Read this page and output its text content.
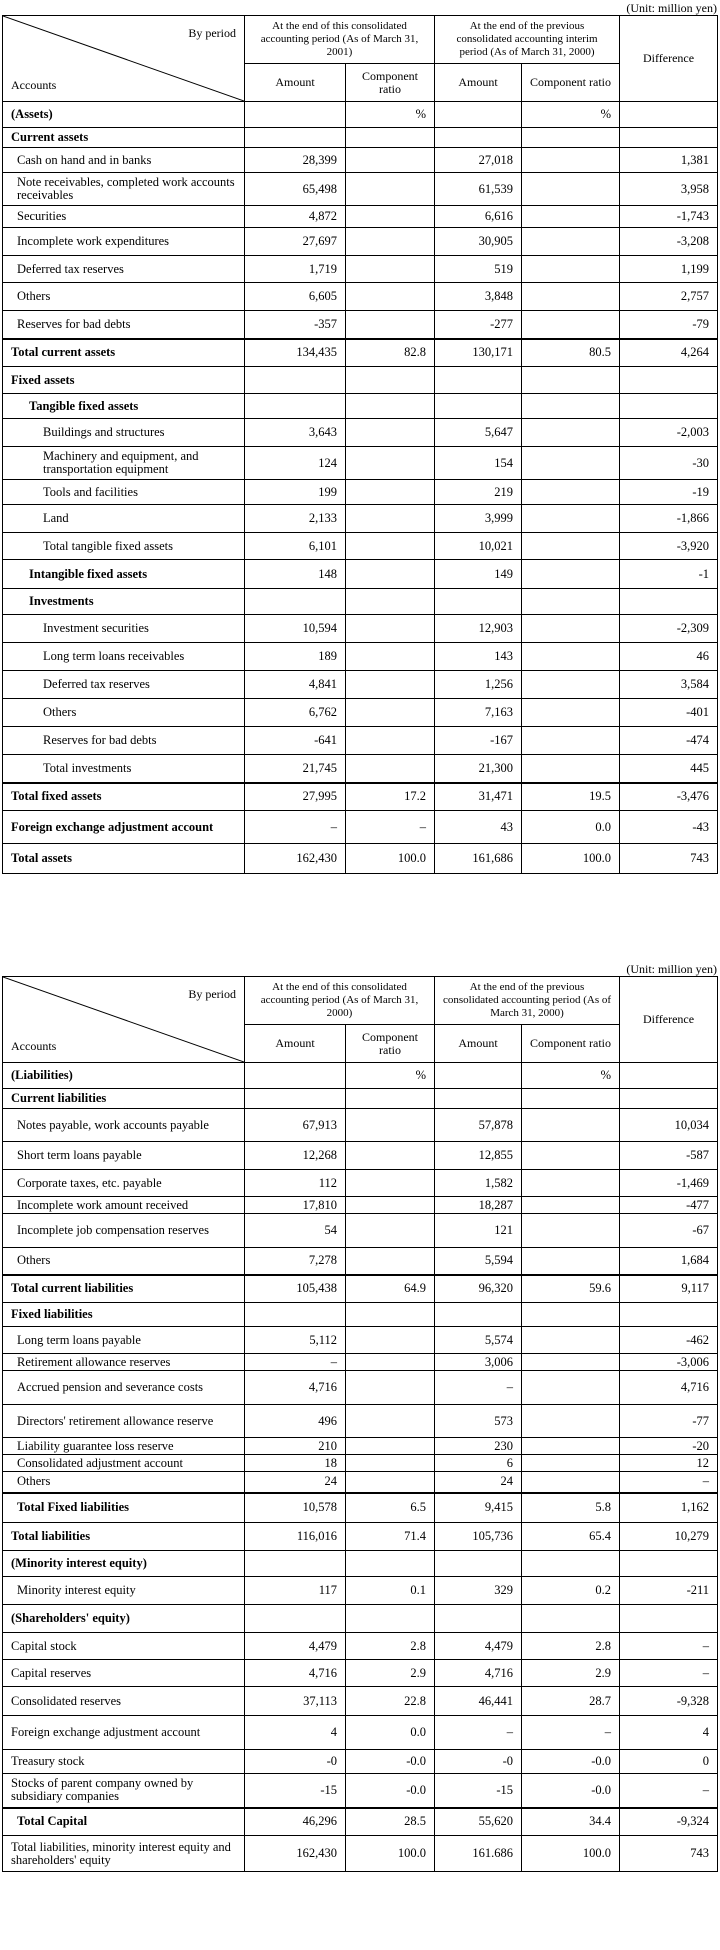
(Unit: million yen)
By period
Accounts	At the end of this consolidated accounting period (As of March 31, 2001)		At the end of the previous consolidated accounting interim period (As of March 31, 2000)		Difference
	Amount	Component ratio	Amount	Component ratio	
(Assets)		%		%	
Current assets					
Cash on hand and in banks	28,399		27,018		1,381
Note receivables, completed work accounts receivables	65,498		61,539		3,958
Securities	4,872		6,616		-1,743
Incomplete work expenditures	27,697		30,905		-3,208
Deferred tax reserves	1,719		519		1,199
Others	6,605		3,848		2,757
Reserves for bad debts	-357		-277		-79
Total current assets	134,435	82.8	130,171	80.5	4,264
Fixed assets					
Tangible fixed assets					
Buildings and structures	3,643		5,647		-2,003
Machinery and equipment, and transportation equipment	124		154		-30
Tools and facilities	199		219		-19
Land	2,133		3,999		-1,866
Total tangible fixed assets	6,101		10,021		-3,920
Intangible fixed assets	148		149		-1
Investments					
Investment securities	10,594		12,903		-2,309
Long term loans receivables	189		143		46
Deferred tax reserves	4,841		1,256		3,584
Others	6,762		7,163		-401
Reserves for bad debts	-641		-167		-474
Total investments	21,745		21,300		445
Total fixed assets	27,995	17.2	31,471	19.5	-3,476
Foreign exchange adjustment account	–	–	43	0.0	-43
Total assets	162,430	100.0	161,686	100.0	743
(Unit: million yen)
By period
Accounts	At the end of this consolidated accounting period (As of March 31, 2000)		At the end of the previous consolidated accounting period (As of March 31, 2000)		Difference
	Amount	Component ratio	Amount	Component ratio	
(Liabilities)		%		%	
Current liabilities					
Notes payable, work accounts payable	67,913		57,878		10,034
Short term loans payable	12,268		12,855		-587
Corporate taxes, etc. payable	112		1,582		-1,469
Incomplete work amount received	17,810		18,287		-477
Incomplete job compensation reserves	54		121		-67
Others	7,278		5,594		1,684
Total current liabilities	105,438	64.9	96,320	59.6	9,117
Fixed liabilities					
Long term loans payable	5,112		5,574		-462
Retirement allowance reserves	–		3,006		-3,006
Accrued pension and severance costs	4,716		–		4,716
Directors' retirement allowance reserve	496		573		-77
Liability guarantee loss reserve	210		230		-20
Consolidated adjustment account	18		6		12
Others	24		24		–
Total Fixed liabilities	10,578	6.5	9,415	5.8	1,162
Total liabilities	116,016	71.4	105,736	65.4	10,279
(Minority interest equity)					
Minority interest equity	117	0.1	329	0.2	-211
(Shareholders' equity)					
Capital stock	4,479	2.8	4,479	2.8	–
Capital reserves	4,716	2.9	4,716	2.9	–
Consolidated reserves	37,113	22.8	46,441	28.7	-9,328
Foreign exchange adjustment account	4	0.0	–	–	4
Treasury stock	-0	-0.0	-0	-0.0	0
Stocks of parent company owned by subsidiary companies	-15	-0.0	-15	-0.0	–
Total Capital	46,296	28.5	55,620	34.4	-9,324
Total liabilities, minority interest equity and shareholders' equity	162,430	100.0	161.686	100.0	743
